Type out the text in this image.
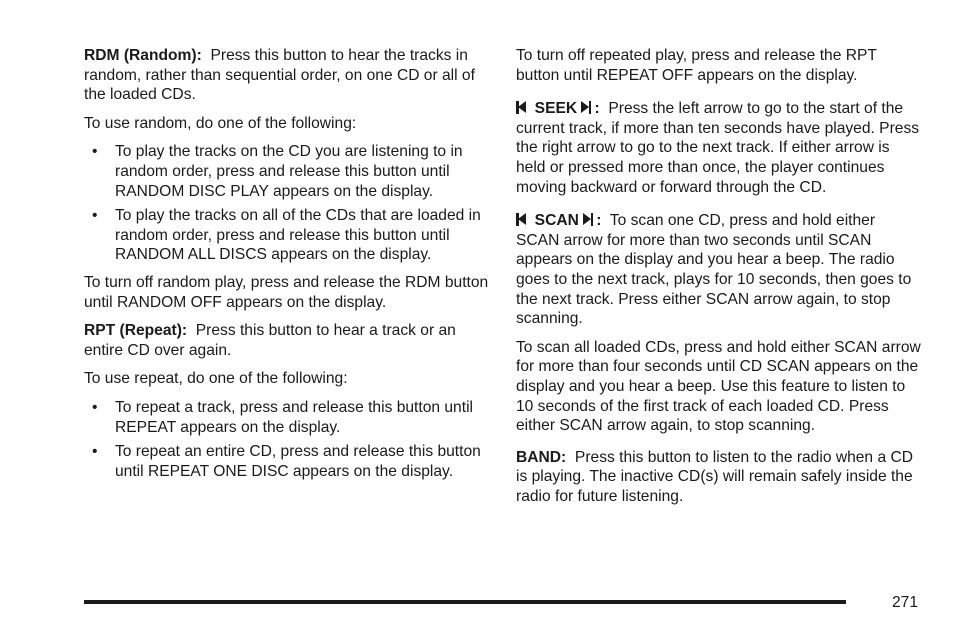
RDM (Random): Press this button to hear the tracks in random, rather than sequential order, on one CD or all of the loaded CDs.

To use random, do one of the following:

• To play the tracks on the CD you are listening to in random order, press and release this button until RANDOM DISC PLAY appears on the display.
• To play the tracks on all of the CDs that are loaded in random order, press and release this button until RANDOM ALL DISCS appears on the display.

To turn off random play, press and release the RDM button until RANDOM OFF appears on the display.

RPT (Repeat): Press this button to hear a track or an entire CD over again.

To use repeat, do one of the following:

• To repeat a track, press and release this button until REPEAT appears on the display.
• To repeat an entire CD, press and release this button until REPEAT ONE DISC appears on the display.

To turn off repeated play, press and release the RPT button until REPEAT OFF appears on the display.

SEEK : Press the left arrow to go to the start of the current track, if more than ten seconds have played. Press the right arrow to go to the next track. If either arrow is held or pressed more than once, the player continues moving backward or forward through the CD.

SCAN : To scan one CD, press and hold either SCAN arrow for more than two seconds until SCAN appears on the display and you hear a beep. The radio goes to the next track, plays for 10 seconds, then goes to the next track. Press either SCAN arrow again, to stop scanning.

To scan all loaded CDs, press and hold either SCAN arrow for more than four seconds until CD SCAN appears on the display and you hear a beep. Use this feature to listen to 10 seconds of the first track of each loaded CD. Press either SCAN arrow again, to stop scanning.

BAND: Press this button to listen to the radio when a CD is playing. The inactive CD(s) will remain safely inside the radio for future listening.

271
